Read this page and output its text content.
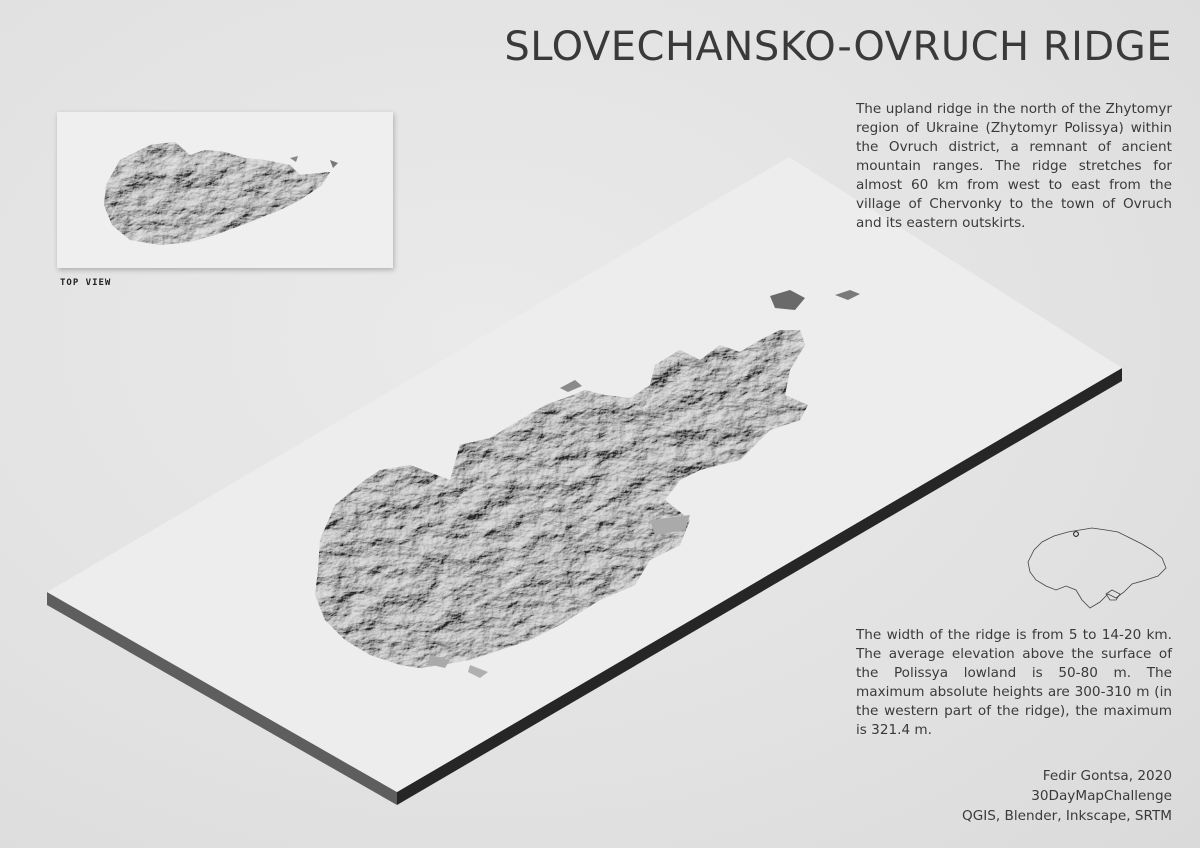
TOP VIEW
SLOVECHANSKO-OVRUCH RIDGE
The upland ridge in the north of the Zhytomyr region of Ukraine (Zhytomyr Polissya) within the Ovruch district, a remnant of ancient mountain ranges. The ridge stretches for almost 60 km from west to east from the village of Chervonky to the town of Ovruch and its eastern outskirts.
The width of the ridge is from 5 to 14-20 km. The average elevation above the surface of the Polissya lowland is 50-80 m. The maximum absolute heights are 300-310 m (in the western part of the ridge), the maximum is 321.4 m.
Fedir Gontsa, 2020
30DayMapChallenge
QGIS, Blender, Inkscape, SRTM
